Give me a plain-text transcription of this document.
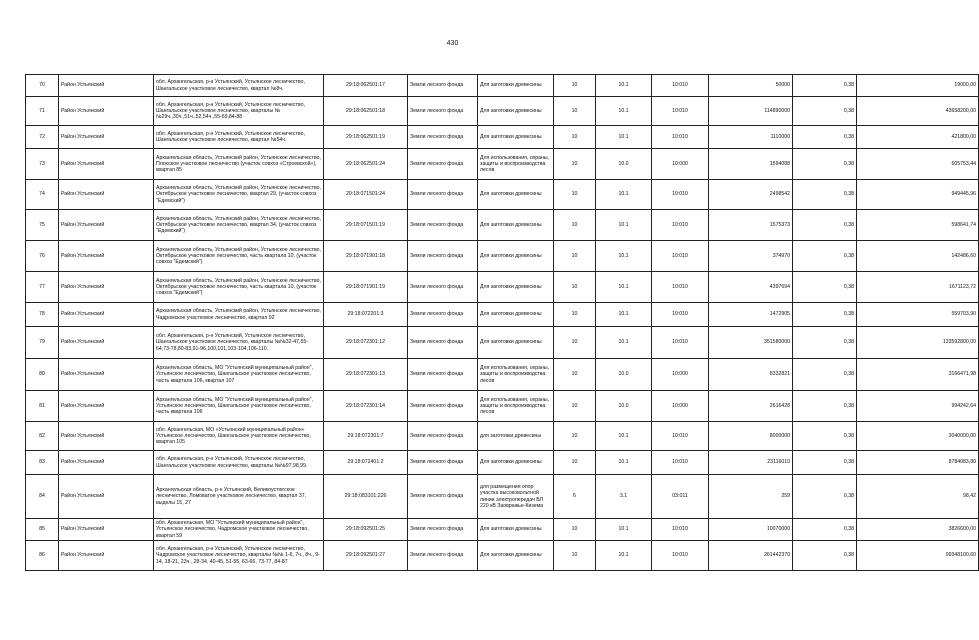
430
70	Район Устьянский	обл. Архангельская, р-н Устьянский, Устьянское лесничество, Шангальское участковое лесничество, квартал №8ч.	29:18:062501:17	Земли лесного фонда	Для заготовки древесины	10	10.1	10:010	50000	0,38	19000,00
71	Район Устьянский	обл. Архангельская, р-н Устьянский, Устьянское лесничество, Шангальское участковое лесничество, кварталы №№29ч.,30ч.,51ч.,52,54ч.,55-69,84-88	29:18:062501:18	Земли лесного фонда	Для заготовки древесины	10	10.1	10:010	114890000	0,38	43658200,00
72	Район Устьянский	обл. Архангельская, р-н Устьянский, Устьянское лесничество, Шангальское участковое лесничество, квартал №54ч.	29:18:062501:19	Земли лесного фонда	Для заготовки древесины	10	10.1	10:010	1110000	0,38	421800,00
73	Район Устьянский	Архангельская область, Устьянский район, Устьянское лесничество, Плосское участковое лесничество (участок совхоз «Строевской»), квартал 85	29:18:062501:24	Земли лесного фонда	Для использования, охраны, защиты и воспроизводства лесов	10	10.0	10:000	1594088	0,38	605753,44
74	Район Устьянский	Архангельская область, Устьянский район, Устьянское лесничество, Октябрьское участковое лесничество, квартал 29, (участок совхоз "Едемский")	29:18:071501:24	Земли лесного фонда	Для заготовки древесины	10	10.1	10:010	2498542	0,38	949445,96
75	Район Устьянский	Архангельская область, Устьянский район, Устьянское лесничество, Октябрьское участковое лесничество, квартал 34, (участок совхоз "Едемский")	29:18:071501:19	Земли лесного фонда	Для заготовки древесины	10	10.1	10:010	1575373	0,38	598641,74
76	Район Устьянский	Архангельская область, Устьянский район, Устьянское лесничество, Октябрьское участковое лесничество, часть квартала 10, (участок совхоз "Едемский")	29:18:071901:18	Земли лесного фонда	Для заготовки древесины	10	10.1	10:010	374970	0,38	142486,60
77	Район Устьянский	Архангельская область, Устьянский район, Устьянское лесничество, Октябрьское участковое лесничество, часть квартала 10, (участок совхоз "Едемский")	29:18:071901:19	Земли лесного фонда	Для заготовки древесины	10	10.1	10:010	4397694	0,38	1671123,72
78	Район Устьянский	Архангельская область, Устьянский район, Устьянское лесничество, Чадромское участковое лесничество, квартал 92	29:18:072201:3	Земли лесного фонда	Для заготовки древесины	10	10.1	10:010	1472905	0,38	559703,90
79	Район Устьянский	обл. Архангельская, р-н Устьянский, Устьянское лесничество, Шангальское участковое лесничество, кварталы №№32-47,55-64,73-78,80-83,91-96,100,101,103-104,106-110.	29:18:072301:12	Земли лесного фонда	Для заготовки древесины	10	10.1	10:010	351580000	0,38	133592800,00
80	Район Устьянский	Архангельская область, МО "Устьянский муниципальный район", Устьянское лесничество, Шангальское участковое лесничество, часть квартала 106, квартал 107	29:18:072301:13	Земли лесного фонда	Для использования, охраны, защиты и воспроизводства лесов	10	10.0	10:000	8332821	0,38	3166471,98
81	Район Устьянский	Архангельская область, МО "Устьянский муниципальный район", Устьянское лесничество, Шангальское участковое лесничество, часть квартала 106	29:18:072301:14	Земли лесного фонда	Для использования, охраны, защиты и воспроизводства лесов	10	10.0	10:000	2616428	0,38	994242,64
82	Район Устьянский	обл. Архангельская, МО «Устьянский муниципальный район» Устьянское лесничество, Шангальское участковое лесничество, квартал 105	29:18:072301:7	Земли лесного фонда	для заготовки древесины	10	10.1	10:010	8000000	0,38	3040000,00
83	Район Устьянский	обл. Архангельская, р-н Устьянский, Устьянское лесничество, Шангальское участковое лесничество, кварталы №№97,98,99.	29:18:072401:2	Земли лесного фонда	Для заготовки древесины	10	10.1	10:010	23116010	0,38	8784083,80
84	Район Устьянский	Архангельская область, р-н Устьянский, Великоустюгское лесничество, Ломоватое участковое лесничество, квартал 37, выделы 15, 27	29:18:083101:226	Земли лесного фонда	для размещения опор участка высоковольтной линии электропередач ВЛ 220 кВ Заовражье-Кизема	6	3.1	03:011	259	0,38	98,42
85	Район Устьянский	обл. Архангельская, МО "Устьянский муниципальный район", Устьянское лесничество, Чадромское участковое лесничество, квартал 59	29:18:092501:25	Земли лесного фонда	Для заготовки древесины	10	10.1	10:010	10070000	0,38	3826600,00
86	Район Устьянский	обл. Архангельская, р-н Устьянский, Устьянское лесничество, Чадромское участковое лесничество, кварталы №№ 1-6, 7ч., 8ч., 9-14, 18-21, 23ч., 28-34, 40-45, 51-55, 63-66, 73-77, 84-87	29:18:092501:27	Земли лесного фонда	Для заготовки древесины	10	10.1	10:010	261442370	0,38	99348100,60
